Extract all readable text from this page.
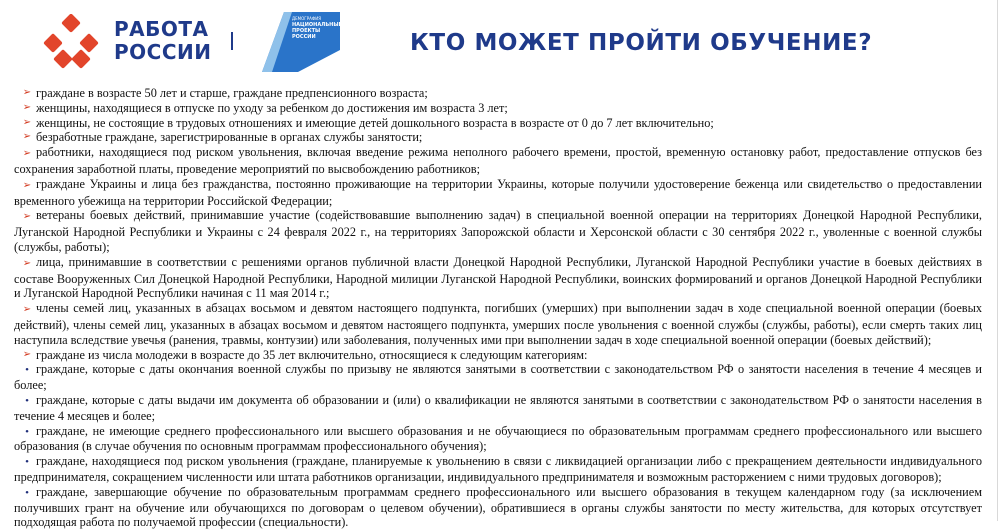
РАБОТА
РОССИИ
ДЕМОГРАФИЯ
НАЦИОНАЛЬНЫЕ
ПРОЕКТЫ
РОССИИ	КТО МОЖЕТ ПРОЙТИ ОБУЧЕНИЕ?
➢ граждане в возрасте 50 лет и старше, граждане предпенсионного возраста;
➢ женщины, находящиеся в отпуске по уходу за ребенком до достижения им возраста 3 лет;
➢ женщины, не состоящие в трудовых отношениях и имеющие детей дошкольного возраста в возрасте от 0 до 7 лет включительно;
➢ безработные граждане, зарегистрированные в органах службы занятости;
➢ работники, находящиеся под риском увольнения, включая введение режима неполного рабочего времени, простой, временную остановку работ, предоставление отпусков без сохранения заработной платы, проведение мероприятий по высвобождению работников;
➢ граждане Украины и лица без гражданства, постоянно проживающие на территории Украины, которые получили удостоверение беженца или свидетельство о предоставлении временного убежища на территории Российской Федерации;
➢ ветераны боевых действий, принимавшие участие (содействовавшие выполнению задач) в специальной военной операции на территориях Донецкой Народной Республики, Луганской Народной Республики и Украины с 24 февраля 2022 г., на территориях Запорожской области и Херсонской области с 30 сентября 2022 г., уволенные с военной службы (службы, работы);
➢ лица, принимавшие в соответствии с решениями органов публичной власти Донецкой Народной Республики, Луганской Народной Республики участие в боевых действиях в составе Вооруженных Сил Донецкой Народной Республики, Народной милиции Луганской Народной Республики, воинских формирований и органов Донецкой Народной Республики и Луганской Народной Республики начиная с 11 мая 2014 г.;
➢ члены семей лиц, указанных в абзацах восьмом и девятом настоящего подпункта, погибших (умерших) при выполнении задач в ходе специальной военной операции (боевых действий), члены семей лиц, указанных в абзацах восьмом и девятом настоящего подпункта, умерших после увольнения с военной службы (службы, работы), если смерть таких лиц наступила вследствие увечья (ранения, травмы, контузии) или заболевания, полученных ими при выполнении задач в ходе специальной военной операции (боевых действий);
➢ граждане из числа молодежи в возрасте до 35 лет включительно, относящиеся к следующим категориям:
• граждане, которые с даты окончания военной службы по призыву не являются занятыми в соответствии с законодательством РФ о занятости населения в течение 4 месяцев и более;
• граждане, которые с даты выдачи им документа об образовании и (или) о квалификации не являются занятыми в соответствии с законодательством РФ о занятости населения в течение 4 месяцев и более;
• граждане, не имеющие среднего профессионального или высшего образования и не обучающиеся по образовательным программам среднего профессионального или высшего образования (в случае обучения по основным программам профессионального обучения);
• граждане, находящиеся под риском увольнения (граждане, планируемые к увольнению в связи с ликвидацией организации либо с прекращением деятельности индивидуального предпринимателя, сокращением численности или штата работников организации, индивидуального предпринимателя и возможным расторжением с ними трудовых договоров);
• граждане, завершающие обучение по образовательным программам среднего профессионального или высшего образования в текущем календарном году (за исключением получивших грант на обучение или обучающихся по договорам о целевом обучении), обратившиеся в органы службы занятости по месту жительства, для которых отсутствует подходящая работа по получаемой профессии (специальности).
